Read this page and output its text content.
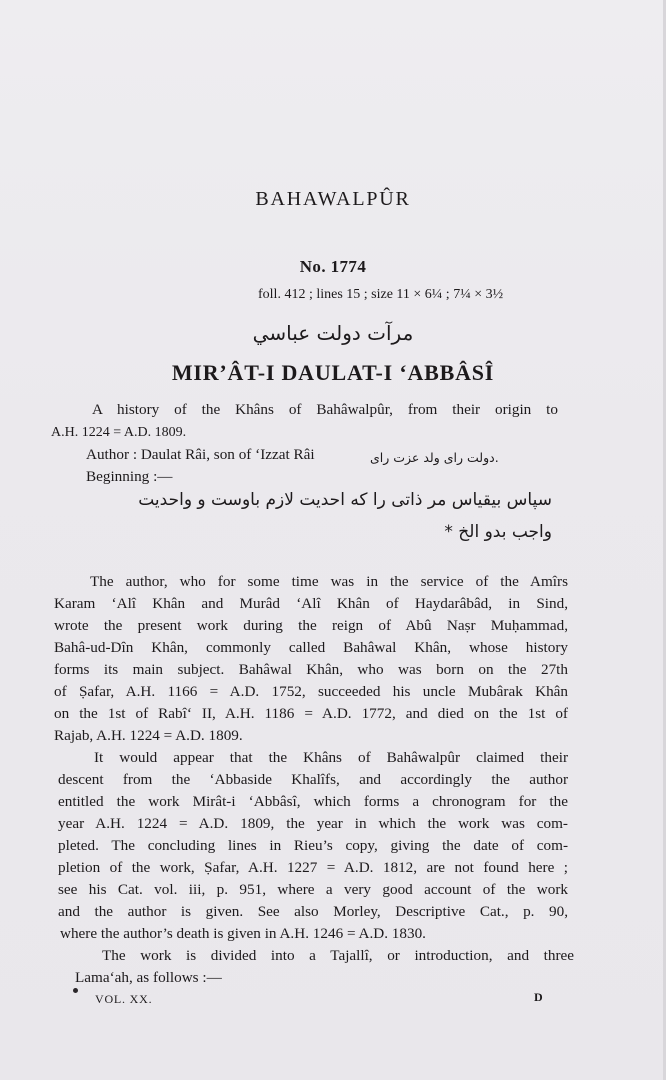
BAHAWALPÛR
No. 1774
foll. 412 ; lines 15 ; size 11 × 6¼ ; 7¼ × 3½
مرآت دولت عباسي
MIR’ÂT-I DAULAT-I ‘ABBÂSÎ
A history of the Khâns of Bahâwalpûr, from their origin to
A.H. 1224 = A.D. 1809.
Author : Daulat Râi, son of ‘Izzat Râi	دولت راى ولد عزت راى.
Beginning :—
سپاس بيقياس مر ذاتى را كه احديت لازم باوست و واحديت
واجب بدو الخ *
The author, who for some time was in the service of the Amîrs
Karam ‘Alî Khân and Murâd ‘Alî Khân of Haydarâbâd, in Sind,
wrote the present work during the reign of Abû Naṣr Muḥammad,
Bahâ-ud-Dîn Khân, commonly called Bahâwal Khân, whose history
forms its main subject. Bahâwal Khân, who was born on the 27th
of Ṣafar, A.H. 1166 = A.D. 1752, succeeded his uncle Mubârak Khân
on the 1st of Rabî‘ II, A.H. 1186 = A.D. 1772, and died on the 1st of
Rajab, A.H. 1224 = A.D. 1809.
It would appear that the Khâns of Bahâwalpûr claimed their
descent from the ‘Abbaside Khalîfs, and accordingly the author
entitled the work Mirât-i ‘Abbâsî, which forms a chronogram for the
year A.H. 1224 = A.D. 1809, the year in which the work was com-
pleted. The concluding lines in Rieu’s copy, giving the date of com-
pletion of the work, Ṣafar, A.H. 1227 = A.D. 1812, are not found here ;
see his Cat. vol. iii, p. 951, where a very good account of the work
and the author is given. See also Morley, Descriptive Cat., p. 90,
where the author’s death is given in A.H. 1246 = A.D. 1830.
The work is divided into a Tajallî, or introduction, and three
Lama‘ah, as follows :—
VOL. XX.	D
